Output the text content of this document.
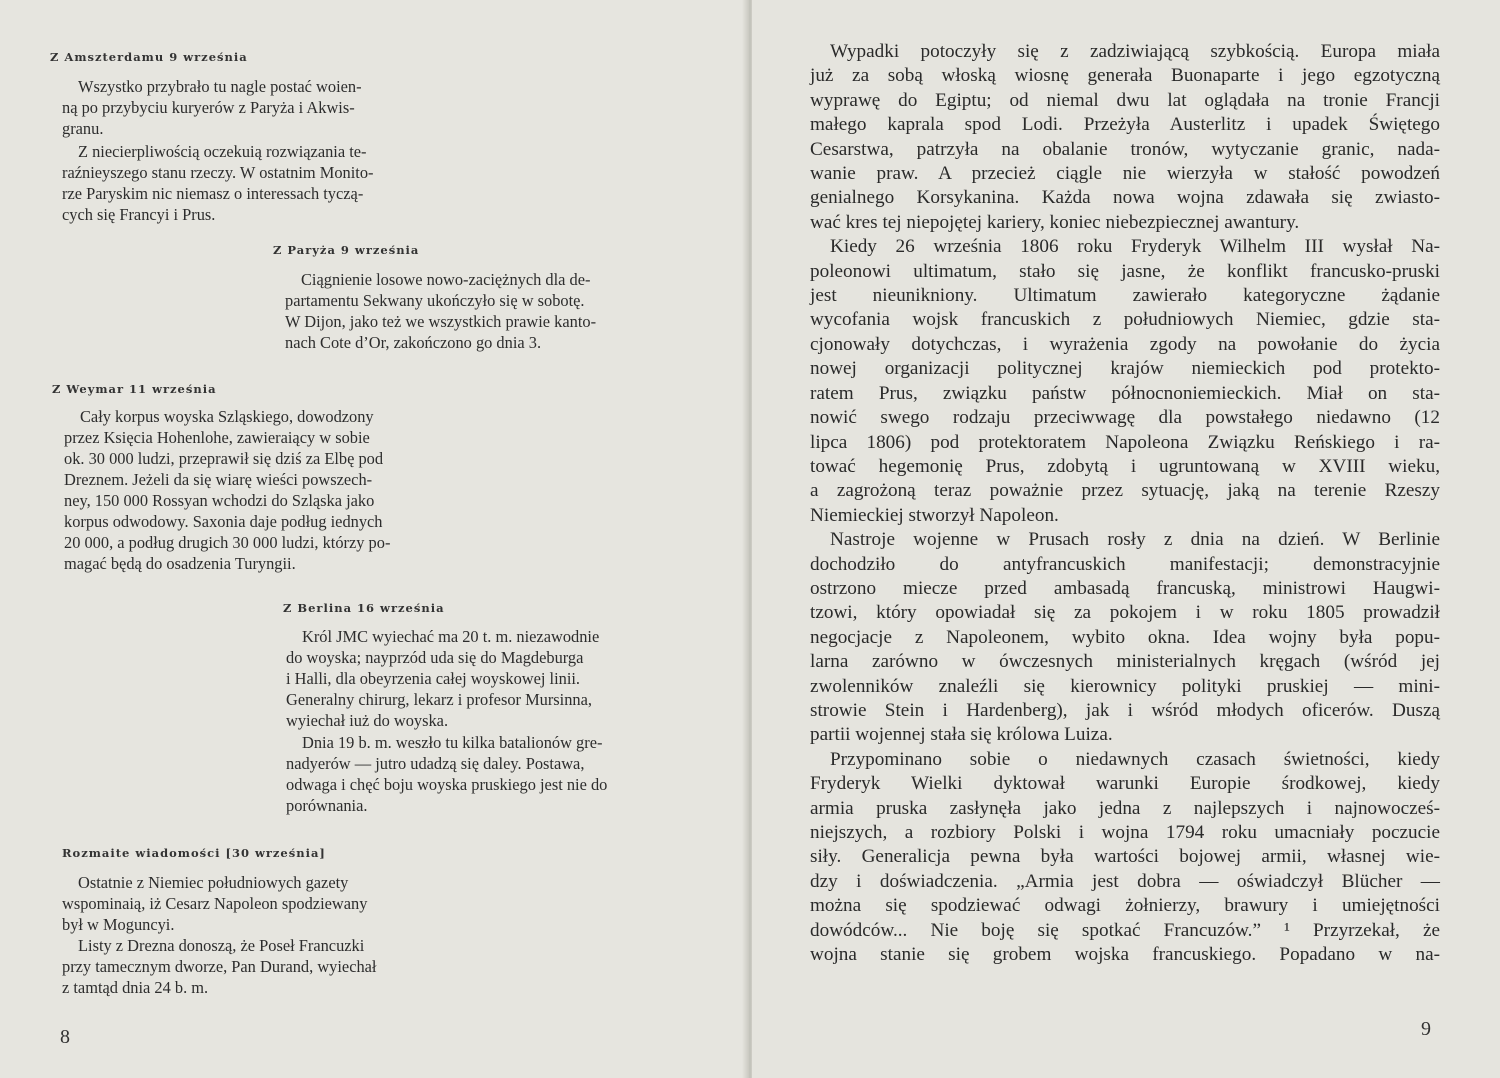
Z Amszterdamu 9 września
Wszystko przybrało tu nagle postać woien-
ną po przybyciu kuryerów z Paryża i Akwis-
granu.
Z niecierpliwością oczekuią rozwiązania te-
raźnieyszego stanu rzeczy. W ostatnim Monito-
rze Paryskim nic niemasz o interessach tyczą-
cych się Francyi i Prus.
Z Paryża 9 września
Ciągnienie losowe nowo-zaciężnych dla de-
partamentu Sekwany ukończyło się w sobotę.
W Dijon, jako też we wszystkich prawie kanto-
nach Cote d’Or, zakończono go dnia 3.
Z Weymar 11 września
Cały korpus woyska Szląskiego, dowodzony
przez Księcia Hohenlohe, zawieraiący w sobie
ok. 30 000 ludzi, przeprawił się dziś za Elbę pod
Dreznem. Jeżeli da się wiarę wieści powszech-
ney, 150 000 Rossyan wchodzi do Szląska jako
korpus odwodowy. Saxonia daje podług iednych
20 000, a podług drugich 30 000 ludzi, którzy po-
magać będą do osadzenia Turyngii.
Z Berlina 16 września
Król JMC wyiechać ma 20 t. m. niezawodnie
do woyska; nayprzód uda się do Magdeburga
i Halli, dla obeyrzenia całej woyskowej linii.
Generalny chirurg, lekarz i profesor Mursinna,
wyiechał iuż do woyska.
Dnia 19 b. m. weszło tu kilka batalionów gre-
nadyerów — jutro udadzą się daley. Postawa,
odwaga i chęć boju woyska pruskiego jest nie do
porównania.
Rozmaite wiadomości [30 września]
Ostatnie z Niemiec południowych gazety
wspominaią, iż Cesarz Napoleon spodziewany
był w Moguncyi.
Listy z Drezna donoszą, że Poseł Francuzki
przy tamecznym dworze, Pan Durand, wyiechał
z tamtąd dnia 24 b. m.
8
Wypadki potoczyły się z zadziwiającą szybkością. Europa miała
już za sobą włoską wiosnę generała Buonaparte i jego egzotyczną
wyprawę do Egiptu; od niemal dwu lat oglądała na tronie Francji
małego kaprala spod Lodi. Przeżyła Austerlitz i upadek Świętego
Cesarstwa, patrzyła na obalanie tronów, wytyczanie granic, nada-
wanie praw. A przecież ciągle nie wierzyła w stałość powodzeń
genialnego Korsykanina. Każda nowa wojna zdawała się zwiasto-
wać kres tej niepojętej kariery, koniec niebezpiecznej awantury.
Kiedy 26 września 1806 roku Fryderyk Wilhelm III wysłał Na-
poleonowi ultimatum, stało się jasne, że konflikt francusko-pruski
jest nieunikniony. Ultimatum zawierało kategoryczne żądanie
wycofania wojsk francuskich z południowych Niemiec, gdzie sta-
cjonowały dotychczas, i wyrażenia zgody na powołanie do życia
nowej organizacji politycznej krajów niemieckich pod protekto-
ratem Prus, związku państw północnoniemieckich. Miał on sta-
nowić swego rodzaju przeciwwagę dla powstałego niedawno (12
lipca 1806) pod protektoratem Napoleona Związku Reńskiego i ra-
tować hegemonię Prus, zdobytą i ugruntowaną w XVIII wieku,
a zagrożoną teraz poważnie przez sytuację, jaką na terenie Rzeszy
Niemieckiej stworzył Napoleon.
Nastroje wojenne w Prusach rosły z dnia na dzień. W Berlinie
dochodziło do antyfrancuskich manifestacji; demonstracyjnie
ostrzono miecze przed ambasadą francuską, ministrowi Haugwi-
tzowi, który opowiadał się za pokojem i w roku 1805 prowadził
negocjacje z Napoleonem, wybito okna. Idea wojny była popu-
larna zarówno w ówczesnych ministerialnych kręgach (wśród jej
zwolenników znaleźli się kierownicy polityki pruskiej — mini-
strowie Stein i Hardenberg), jak i wśród młodych oficerów. Duszą
partii wojennej stała się królowa Luiza.
Przypominano sobie o niedawnych czasach świetności, kiedy
Fryderyk Wielki dyktował warunki Europie środkowej, kiedy
armia pruska zasłynęła jako jedna z najlepszych i najnowocześ-
niejszych, a rozbiory Polski i wojna 1794 roku umacniały poczucie
siły. Generalicja pewna była wartości bojowej armii, własnej wie-
dzy i doświadczenia. „Armia jest dobra — oświadczył Blücher —
można się spodziewać odwagi żołnierzy, brawury i umiejętności
dowódców... Nie boję się spotkać Francuzów.” ¹ Przyrzekał, że
wojna stanie się grobem wojska francuskiego. Popadano w na-
9
